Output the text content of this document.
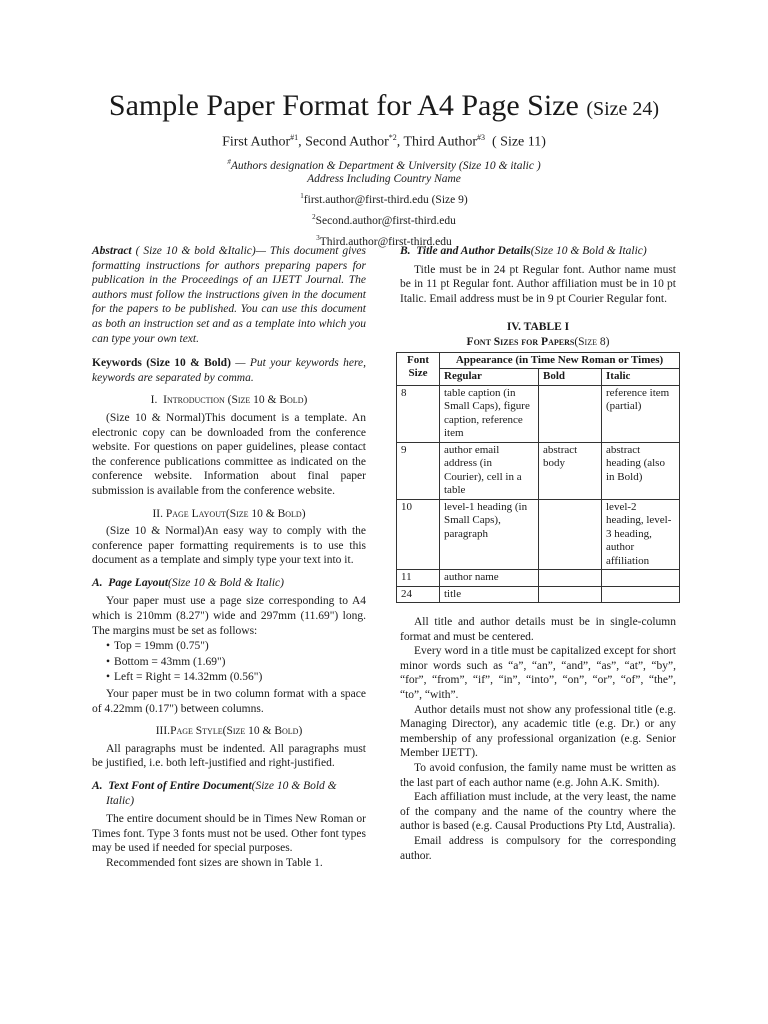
Sample Paper Format for A4 Page Size (Size 24)
First Author$^{\#1}$, Second Author$^{*2}$, Third Author$^{\#3}$  ( Size 11)
#Authors designation & Department & University (Size 10 & italic )
Address Including Country Name
$^1$first.author@first-third.edu (Size 9)
$^2$Second.author@first-third.edu
$^3$Third.author@first-third.edu

Abstract ( Size 10 & bold &Italic)— This document gives formatting instructions for authors preparing papers for publication in the Proceedings of an IJETT Journal. The authors must follow the instructions given in the document for the papers to be published. You can use this document as both an instruction set and as a template into which you can type your own text.

Keywords (Size 10 & Bold) — Put your keywords here, keywords are separated by comma.

I.  Introduction (Size 10 & Bold)

(Size 10 & Normal)This document is a template. An electronic copy can be downloaded from the conference website. For questions on paper guidelines, please contact the conference publications committee as indicated on the conference website. Information about final paper submission is available from the conference website.

II. Page Layout(Size 10 & Bold)

(Size 10 & Normal)An easy way to comply with the conference paper formatting requirements is to use this document as a template and simply type your text into it.

A.  Page Layout(Size 10 & Bold & Italic)

Your paper must use a page size corresponding to A4 which is 210mm (8.27") wide and 297mm (11.69") long. The margins must be set as follows:

• Top = 19mm (0.75")
• Bottom = 43mm (1.69")
• Left = Right = 14.32mm (0.56")

Your paper must be in two column format with a space of 4.22mm (0.17") between columns.

III.Page Style(Size 10 & Bold)

All paragraphs must be indented. All paragraphs must be justified, i.e. both left-justified and right-justified.

A.  Text Font of Entire Document(Size 10 & Bold & Italic)

The entire document should be in Times New Roman or Times font. Type 3 fonts must not be used. Other font types may be used if needed for special purposes.

Recommended font sizes are shown in Table 1.

B.  Title and Author Details(Size 10 & Bold & Italic)

Title must be in 24 pt Regular font. Author name must be in 11 pt Regular font. Author affiliation must be in 10 pt Italic. Email address must be in 9 pt Courier Regular font.

IV. TABLE I
Font Sizes for Papers(Size 8)
Font Size	Appearance (in Time New Roman or Times)		
	Regular	Bold	Italic
8	table caption (in Small Caps), figure caption, reference item		reference item (partial)
9	author email address (in Courier), cell in a table	abstract body	abstract heading (also in Bold)
10	level-1 heading (in Small Caps), paragraph		level-2 heading, level-3 heading, author affiliation
11	author name		
24	title		

All title and author details must be in single-column format and must be centered.

Every word in a title must be capitalized except for short minor words such as “a”, “an”, “and”, “as”, “at”, “by”, “for”, “from”, “if”, “in”, “into”, “on”, “or”, “of”, “the”, “to”, “with”.

Author details must not show any professional title (e.g. Managing Director), any academic title (e.g. Dr.) or any membership of any professional organization (e.g. Senior Member IJETT).

To avoid confusion, the family name must be written as the last part of each author name (e.g. John A.K. Smith).

Each affiliation must include, at the very least, the name of the company and the name of the country where the author is based (e.g. Causal Productions Pty Ltd, Australia).

Email address is compulsory for the corresponding author.
